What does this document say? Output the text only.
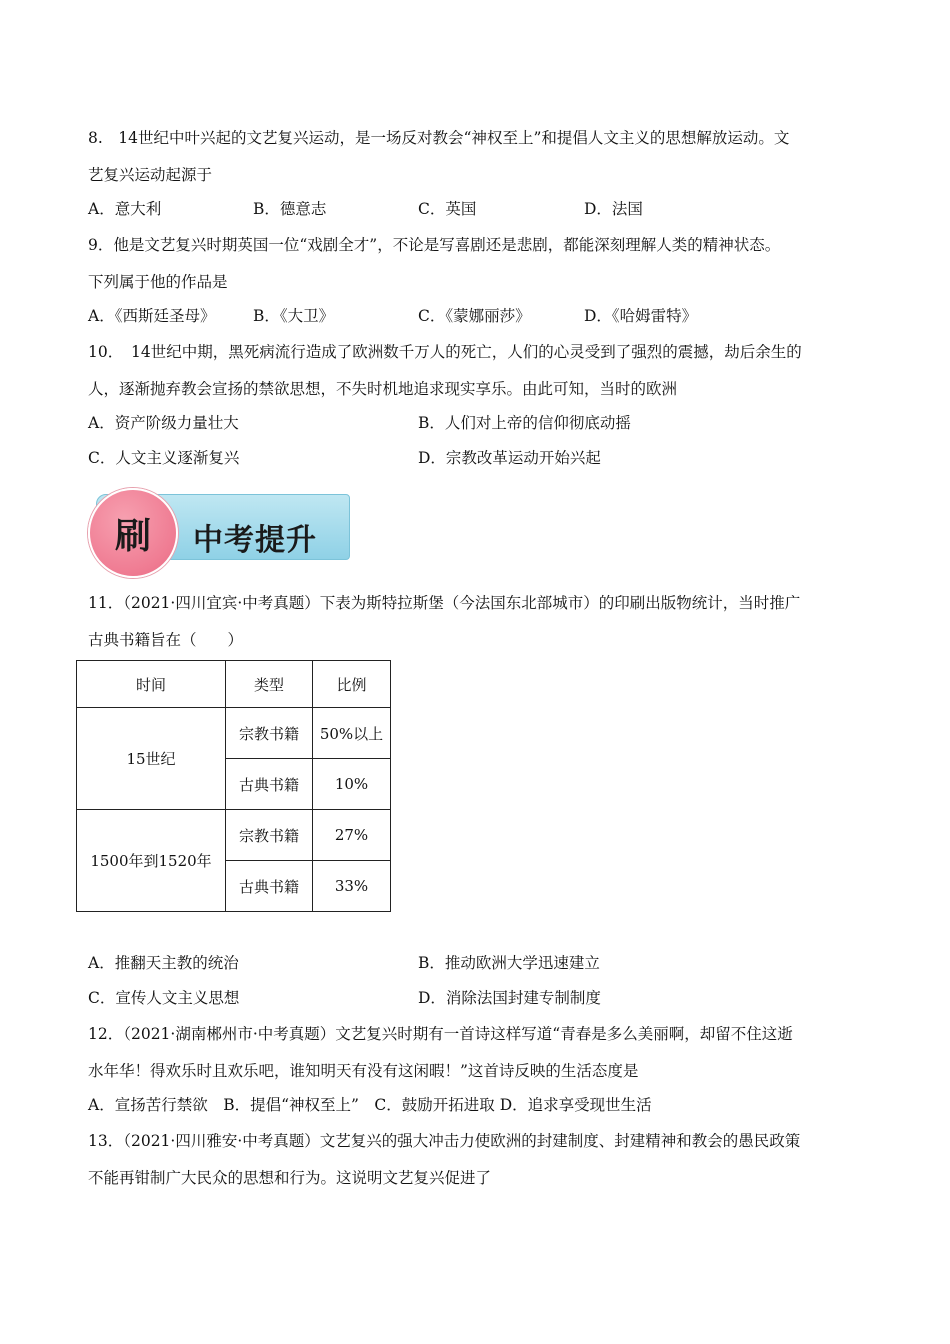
8.　14世纪中叶兴起的文艺复兴运动，是一场反对教会“神权至上”和提倡人文主义的思想解放运动。文
艺复兴运动起源于
A．意大利	B．德意志	C．英国	D．法国
9．他是文艺复兴时期英国一位“戏剧全才”，不论是写喜剧还是悲剧，都能深刻理解人类的精神状态。
下列属于他的作品是
A．《西斯廷圣母》 B．《大卫》	C．《蒙娜丽莎》	D．《哈姆雷特》
10．　14世纪中期，黑死病流行造成了欧洲数千万人的死亡，人们的心灵受到了强烈的震撼，劫后余生的
人，逐渐抛弃教会宣扬的禁欲思想，不失时机地追求现实享乐。由此可知，当时的欧洲
A．资产阶级力量壮大	B．人们对上帝的信仰彻底动摇
C．人文主义逐渐复兴	D．宗教改革运动开始兴起
中考提升
刷
11．（2021·四川宜宾·中考真题）下表为斯特拉斯堡（今法国东北部城市）的印刷出版物统计，当时推广
古典书籍旨在（　　）
时间	类型	比例
15世纪	宗教书籍	50%以上
	古典书籍	10%
1500年到1520年	宗教书籍	27%
	古典书籍	33%
A．推翻天主教的统治	B．推动欧洲大学迅速建立
C．宣传人文主义思想	D．消除法国封建专制制度
12．（2021·湖南郴州市·中考真题）文艺复兴时期有一首诗这样写道“青春是多么美丽啊，却留不住这逝
水年华！得欢乐时且欢乐吧，谁知明天有没有这闲暇！”这首诗反映的生活态度是
A．宣扬苦行禁欲　B．提倡“神权至上”　C．鼓励开拓进取 D．追求享受现世生活
13．（2021·四川雅安·中考真题）文艺复兴的强大冲击力使欧洲的封建制度、封建精神和教会的愚民政策
不能再钳制广大民众的思想和行为。这说明文艺复兴促进了
